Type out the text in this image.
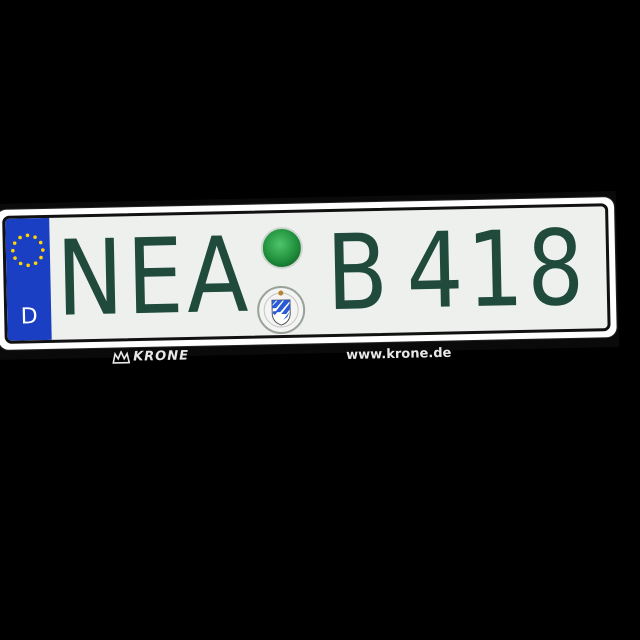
D NEA B 418
KRONE	www.krone.de
